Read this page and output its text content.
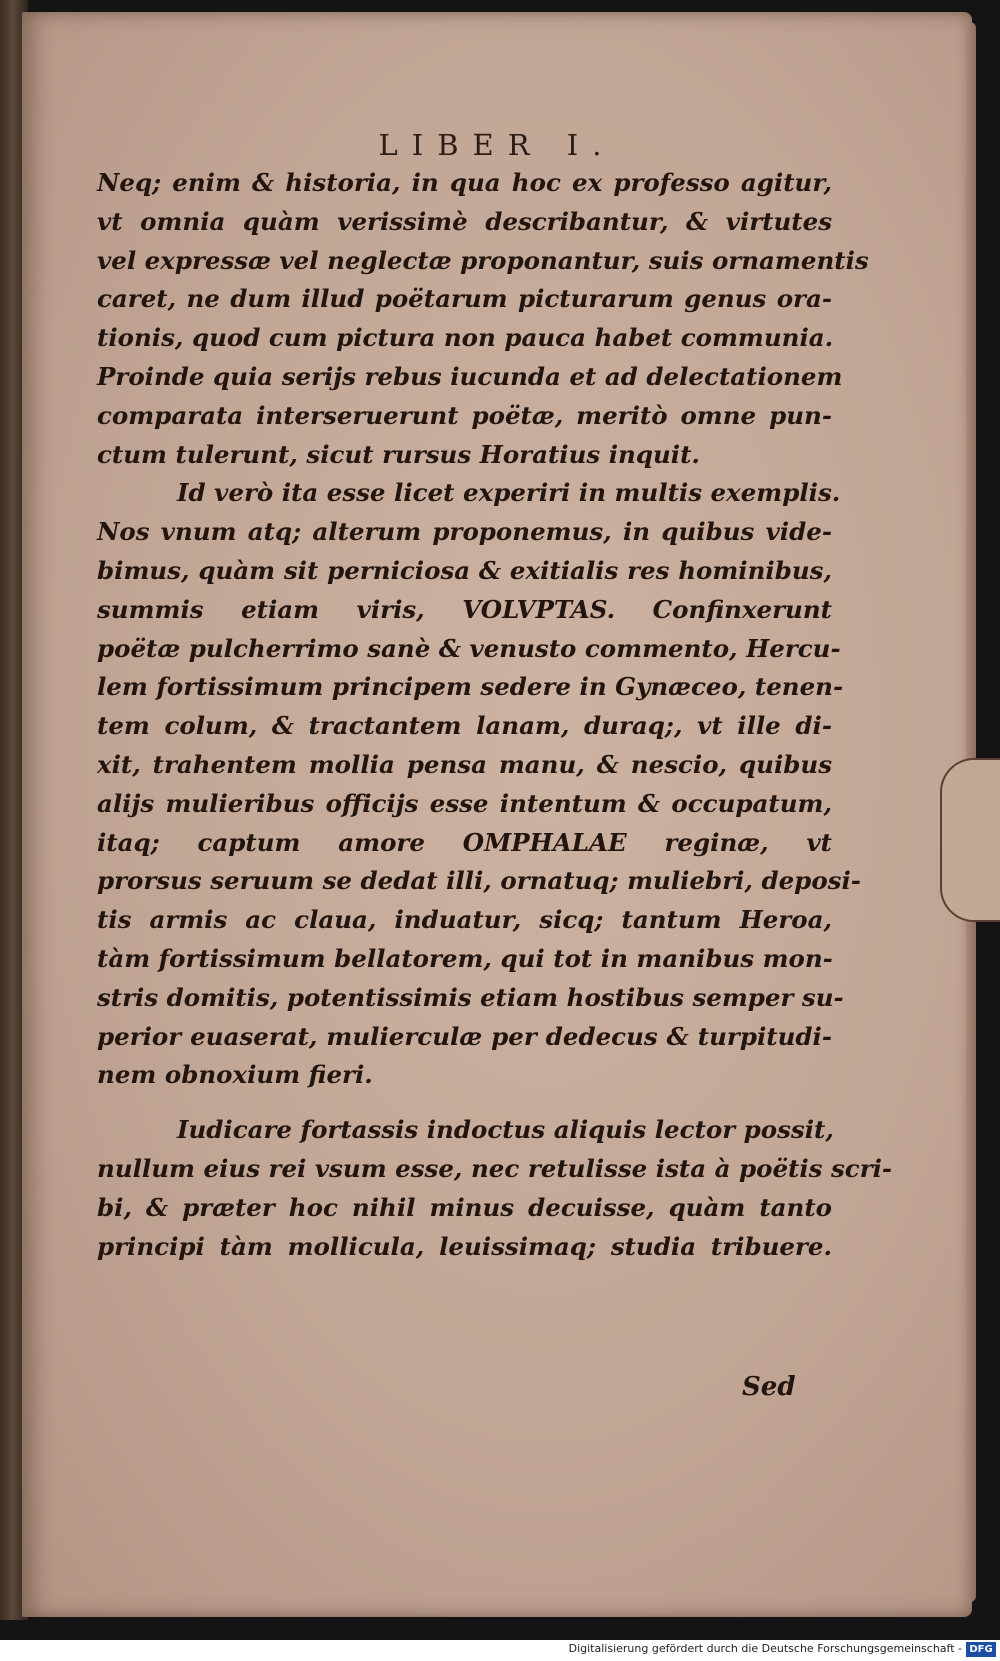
LIBER I.
Neq; enim & historia, in qua hoc ex professo agitur,
vt omnia quàm verissimè describantur, & virtutes
vel expressæ vel neglectæ proponantur, suis ornamentis
caret, ne dum illud poëtarum picturarum genus ora-
tionis, quod cum pictura non pauca habet communia.
Proinde quia serijs rebus iucunda et ad delectationem
comparata interseruerunt poëtæ, meritò omne pun-
ctum tulerunt, sicut rursus Horatius inquit.
Id verò ita esse licet experiri in multis exemplis.
Nos vnum atq; alterum proponemus, in quibus vide-
bimus, quàm sit perniciosa & exitialis res hominibus,
summis etiam viris, VOLVPTAS. Confinxerunt
poëtæ pulcherrimo sanè & venusto commento, Hercu-
lem fortissimum principem sedere in Gynæceo, tenen-
tem colum, & tractantem lanam, duraq;, vt ille di-
xit, trahentem mollia pensa manu, & nescio, quibus
alijs mulieribus officijs esse intentum & occupatum,
itaq; captum amore OMPHALAE reginæ, vt
prorsus seruum se dedat illi, ornatuq; muliebri, deposi-
tis armis ac claua, induatur, sicq; tantum Heroa,
tàm fortissimum bellatorem, qui tot in manibus mon-
stris domitis, potentissimis etiam hostibus semper su-
perior euaserat, mulierculæ per dedecus & turpitudi-
nem obnoxium fieri.
Iudicare fortassis indoctus aliquis lector possit,
nullum eius rei vsum esse, nec retulisse ista à poëtis scri-
bi, & præter hoc nihil minus decuisse, quàm tanto
principi tàm mollicula, leuissimaq; studia tribuere.
Sed
Digitalisierung gefördert durch die Deutsche Forschungsgemeinschaft - DFG
